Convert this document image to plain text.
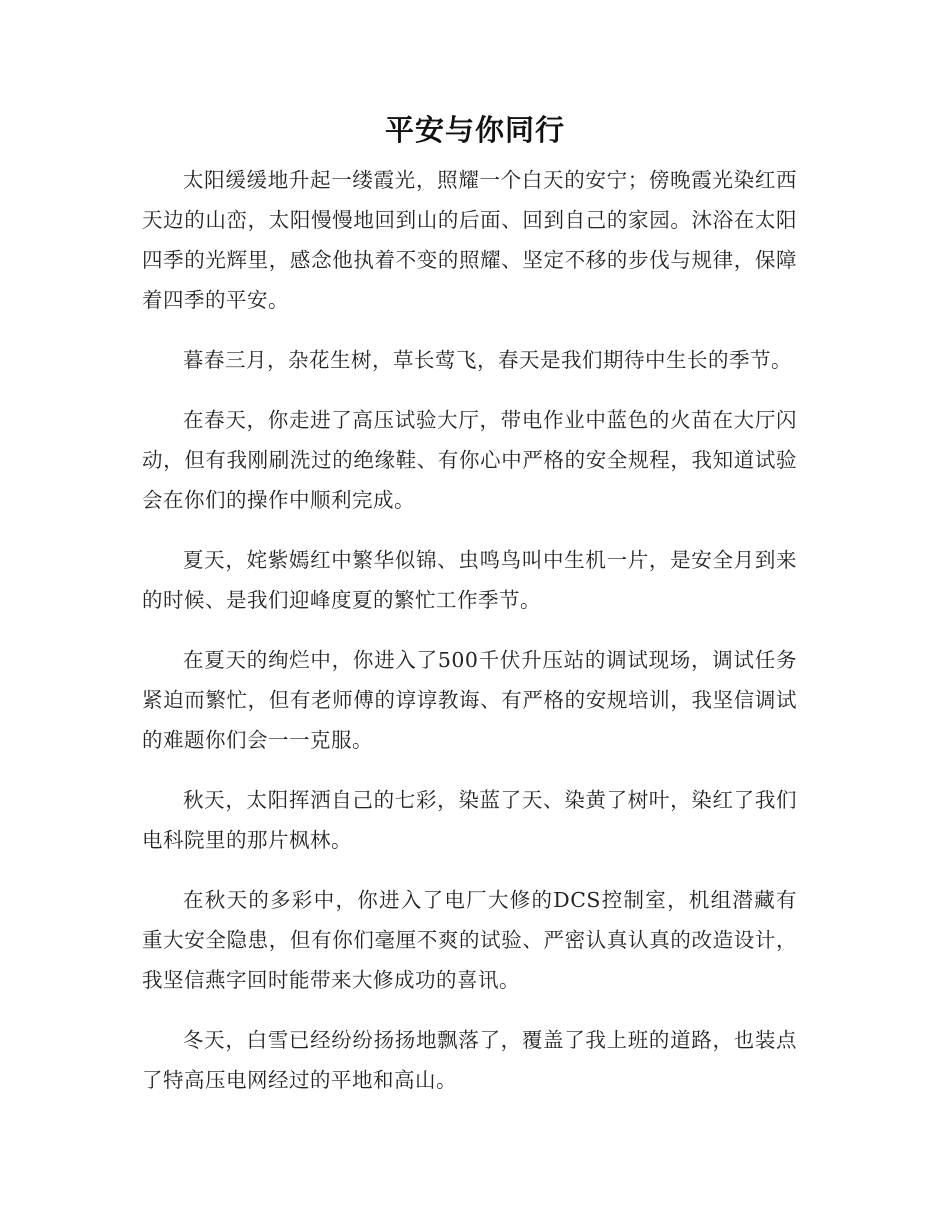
平安与你同行

太阳缓缓地升起一缕霞光，照耀一个白天的安宁；傍晚霞光染红西天边的山峦，太阳慢慢地回到山的后面、回到自己的家园。沐浴在太阳四季的光辉里，感念他执着不变的照耀、坚定不移的步伐与规律，保障着四季的平安。

暮春三月，杂花生树，草长莺飞，春天是我们期待中生长的季节。

在春天，你走进了高压试验大厅，带电作业中蓝色的火苗在大厅闪动，但有我刚刷洗过的绝缘鞋、有你心中严格的安全规程，我知道试验会在你们的操作中顺利完成。

夏天，姹紫嫣红中繁华似锦、虫鸣鸟叫中生机一片，是安全月到来的时候、是我们迎峰度夏的繁忙工作季节。

在夏天的绚烂中，你进入了500千伏升压站的调试现场，调试任务紧迫而繁忙，但有老师傅的谆谆教诲、有严格的安规培训，我坚信调试的难题你们会一一克服。

秋天，太阳挥洒自己的七彩，染蓝了天、染黄了树叶，染红了我们电科院里的那片枫林。

在秋天的多彩中，你进入了电厂大修的DCS控制室，机组潜藏有重大安全隐患，但有你们毫厘不爽的试验、严密认真认真的改造设计，我坚信燕字回时能带来大修成功的喜讯。

冬天，白雪已经纷纷扬扬地飘落了，覆盖了我上班的道路，也装点了特高压电网经过的平地和高山。
